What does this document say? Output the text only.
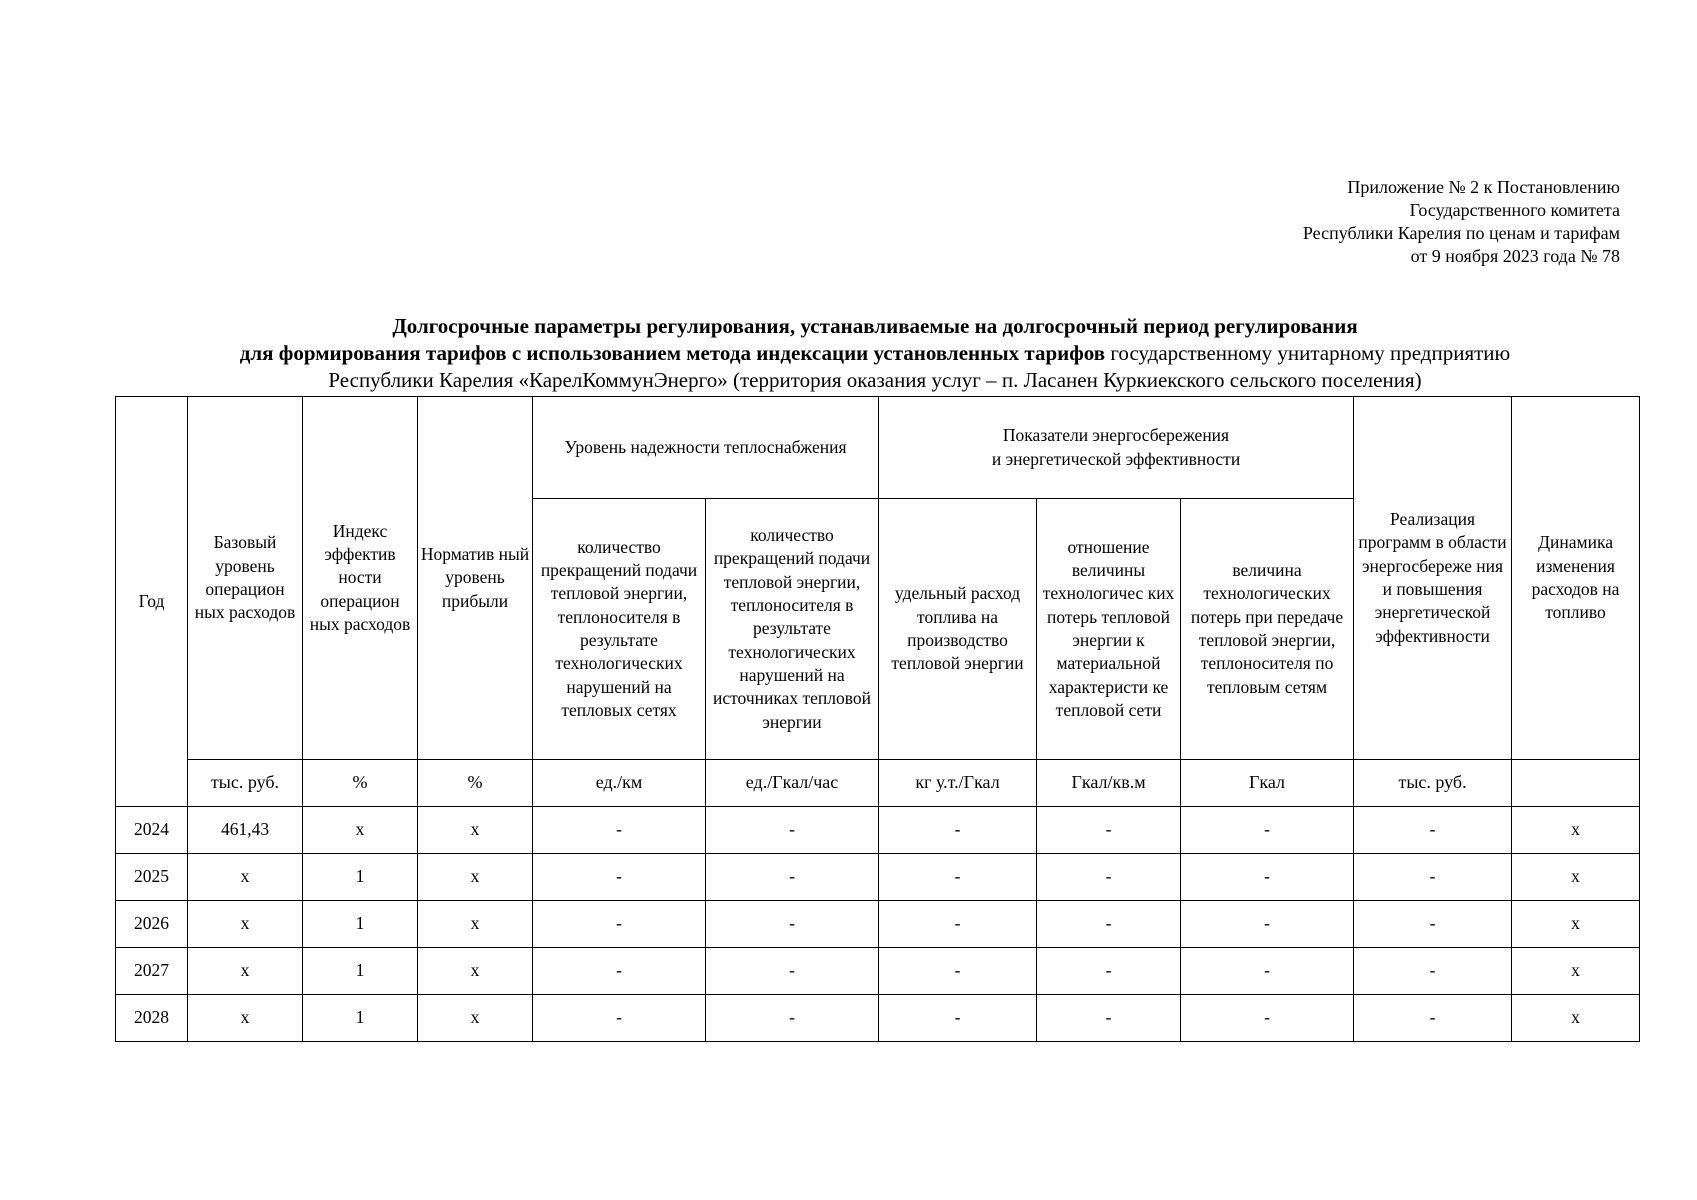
Приложение № 2 к Постановлению
Государственного комитета
Республики Карелия по ценам и тарифам
от 9 ноября 2023 года № 78
Долгосрочные параметры регулирования, устанавливаемые на долгосрочный период регулирования
для формирования тарифов с использованием метода индексации установленных тарифов государственному унитарному предприятию
Республики Карелия «КарелКоммунЭнерго» (территория оказания услуг – п. Ласанен Куркиекского сельского поселения)
Год	Базовый уровень операцион ных расходов	Индекс эффектив ности операцион ных расходов	Норматив ный уровень прибыли	Уровень надежности теплоснабжения		Показатели энергосбережения
и энергетической эффективности			Реализация программ в области энергосбереже ния и повышения энергетической эффективности	Динамика изменения расходов на топливо
				количество прекращений подачи тепловой энергии, теплоносителя в результате технологических нарушений на тепловых сетях	количество прекращений подачи тепловой энергии, теплоносителя в результате технологических нарушений на источниках тепловой энергии	удельный расход топлива на производство тепловой энергии	отношение величины технологичес ких потерь тепловой энергии к материальной характеристи ке тепловой сети	величина технологических потерь при передаче тепловой энергии, теплоносителя по тепловым сетям		
	тыс. руб.	%	%	ед./км	ед./Гкал/час	кг у.т./Гкал	Гкал/кв.м	Гкал	тыс. руб.	
2024	461,43	х	х	-	-	-	-	-	-	х
2025	х	1	х	-	-	-	-	-	-	х
2026	х	1	х	-	-	-	-	-	-	х
2027	х	1	х	-	-	-	-	-	-	х
2028	х	1	х	-	-	-	-	-	-	х
